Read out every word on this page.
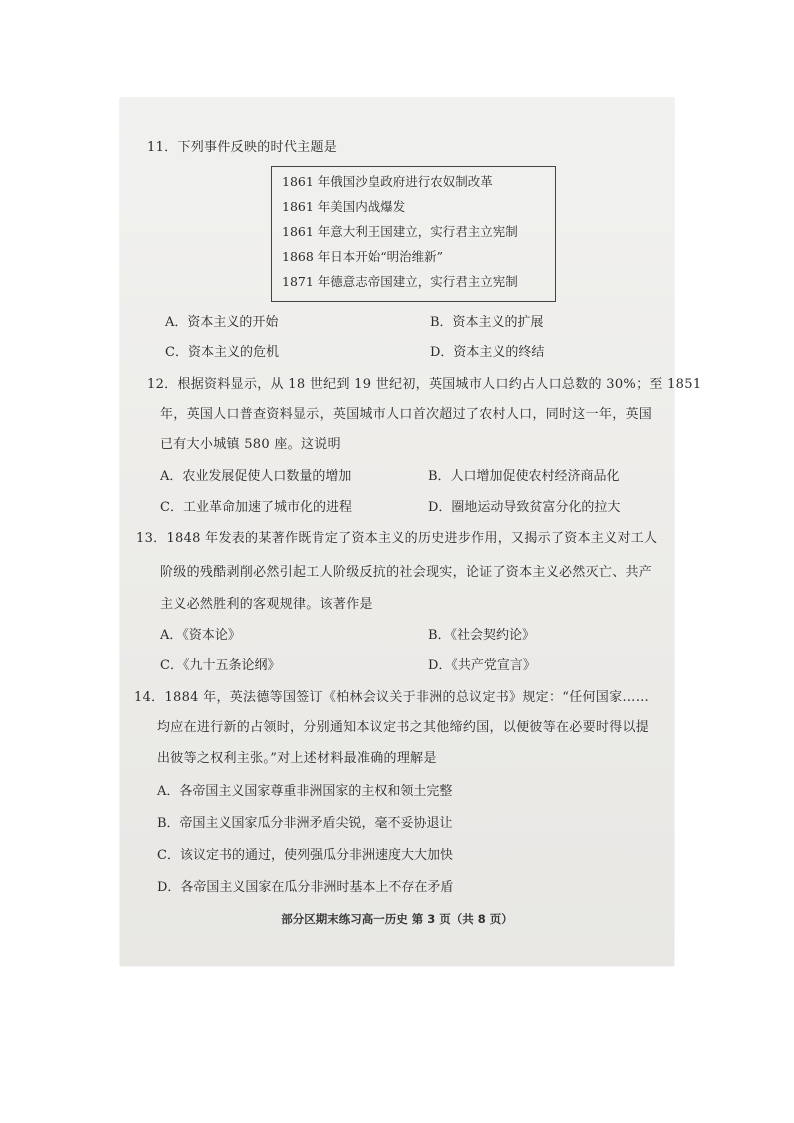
11．下列事件反映的时代主题是
1861 年俄国沙皇政府进行农奴制改革
1861 年美国内战爆发
1861 年意大利王国建立，实行君主立宪制
1868 年日本开始“明治维新”
1871 年德意志帝国建立，实行君主立宪制
A．资本主义的开始	B．资本主义的扩展
C．资本主义的危机	D．资本主义的终结
12．根据资料显示，从 18 世纪到 19 世纪初，英国城市人口约占人口总数的 30%；至 1851
年，英国人口普查资料显示，英国城市人口首次超过了农村人口，同时这一年，英国
已有大小城镇 580 座。这说明
A．农业发展促使人口数量的增加	B．人口增加促使农村经济商品化
C．工业革命加速了城市化的进程	D．圈地运动导致贫富分化的拉大
13．1848 年发表的某著作既肯定了资本主义的历史进步作用，又揭示了资本主义对工人
阶级的残酷剥削必然引起工人阶级反抗的社会现实，论证了资本主义必然灭亡、共产
主义必然胜利的客观规律。该著作是
A．《资本论》	B．《社会契约论》
C．《九十五条论纲》	D．《共产党宣言》
14．1884 年，英法德等国签订《柏林会议关于非洲的总议定书》规定：“任何国家……
均应在进行新的占领时，分别通知本议定书之其他缔约国，以便彼等在必要时得以提
出彼等之权利主张。”对上述材料最准确的理解是
A．各帝国主义国家尊重非洲国家的主权和领土完整
B．帝国主义国家瓜分非洲矛盾尖锐，毫不妥协退让
C．该议定书的通过，使列强瓜分非洲速度大大加快
D．各帝国主义国家在瓜分非洲时基本上不存在矛盾
部分区期末练习高一历史 第 3 页（共 8 页）
